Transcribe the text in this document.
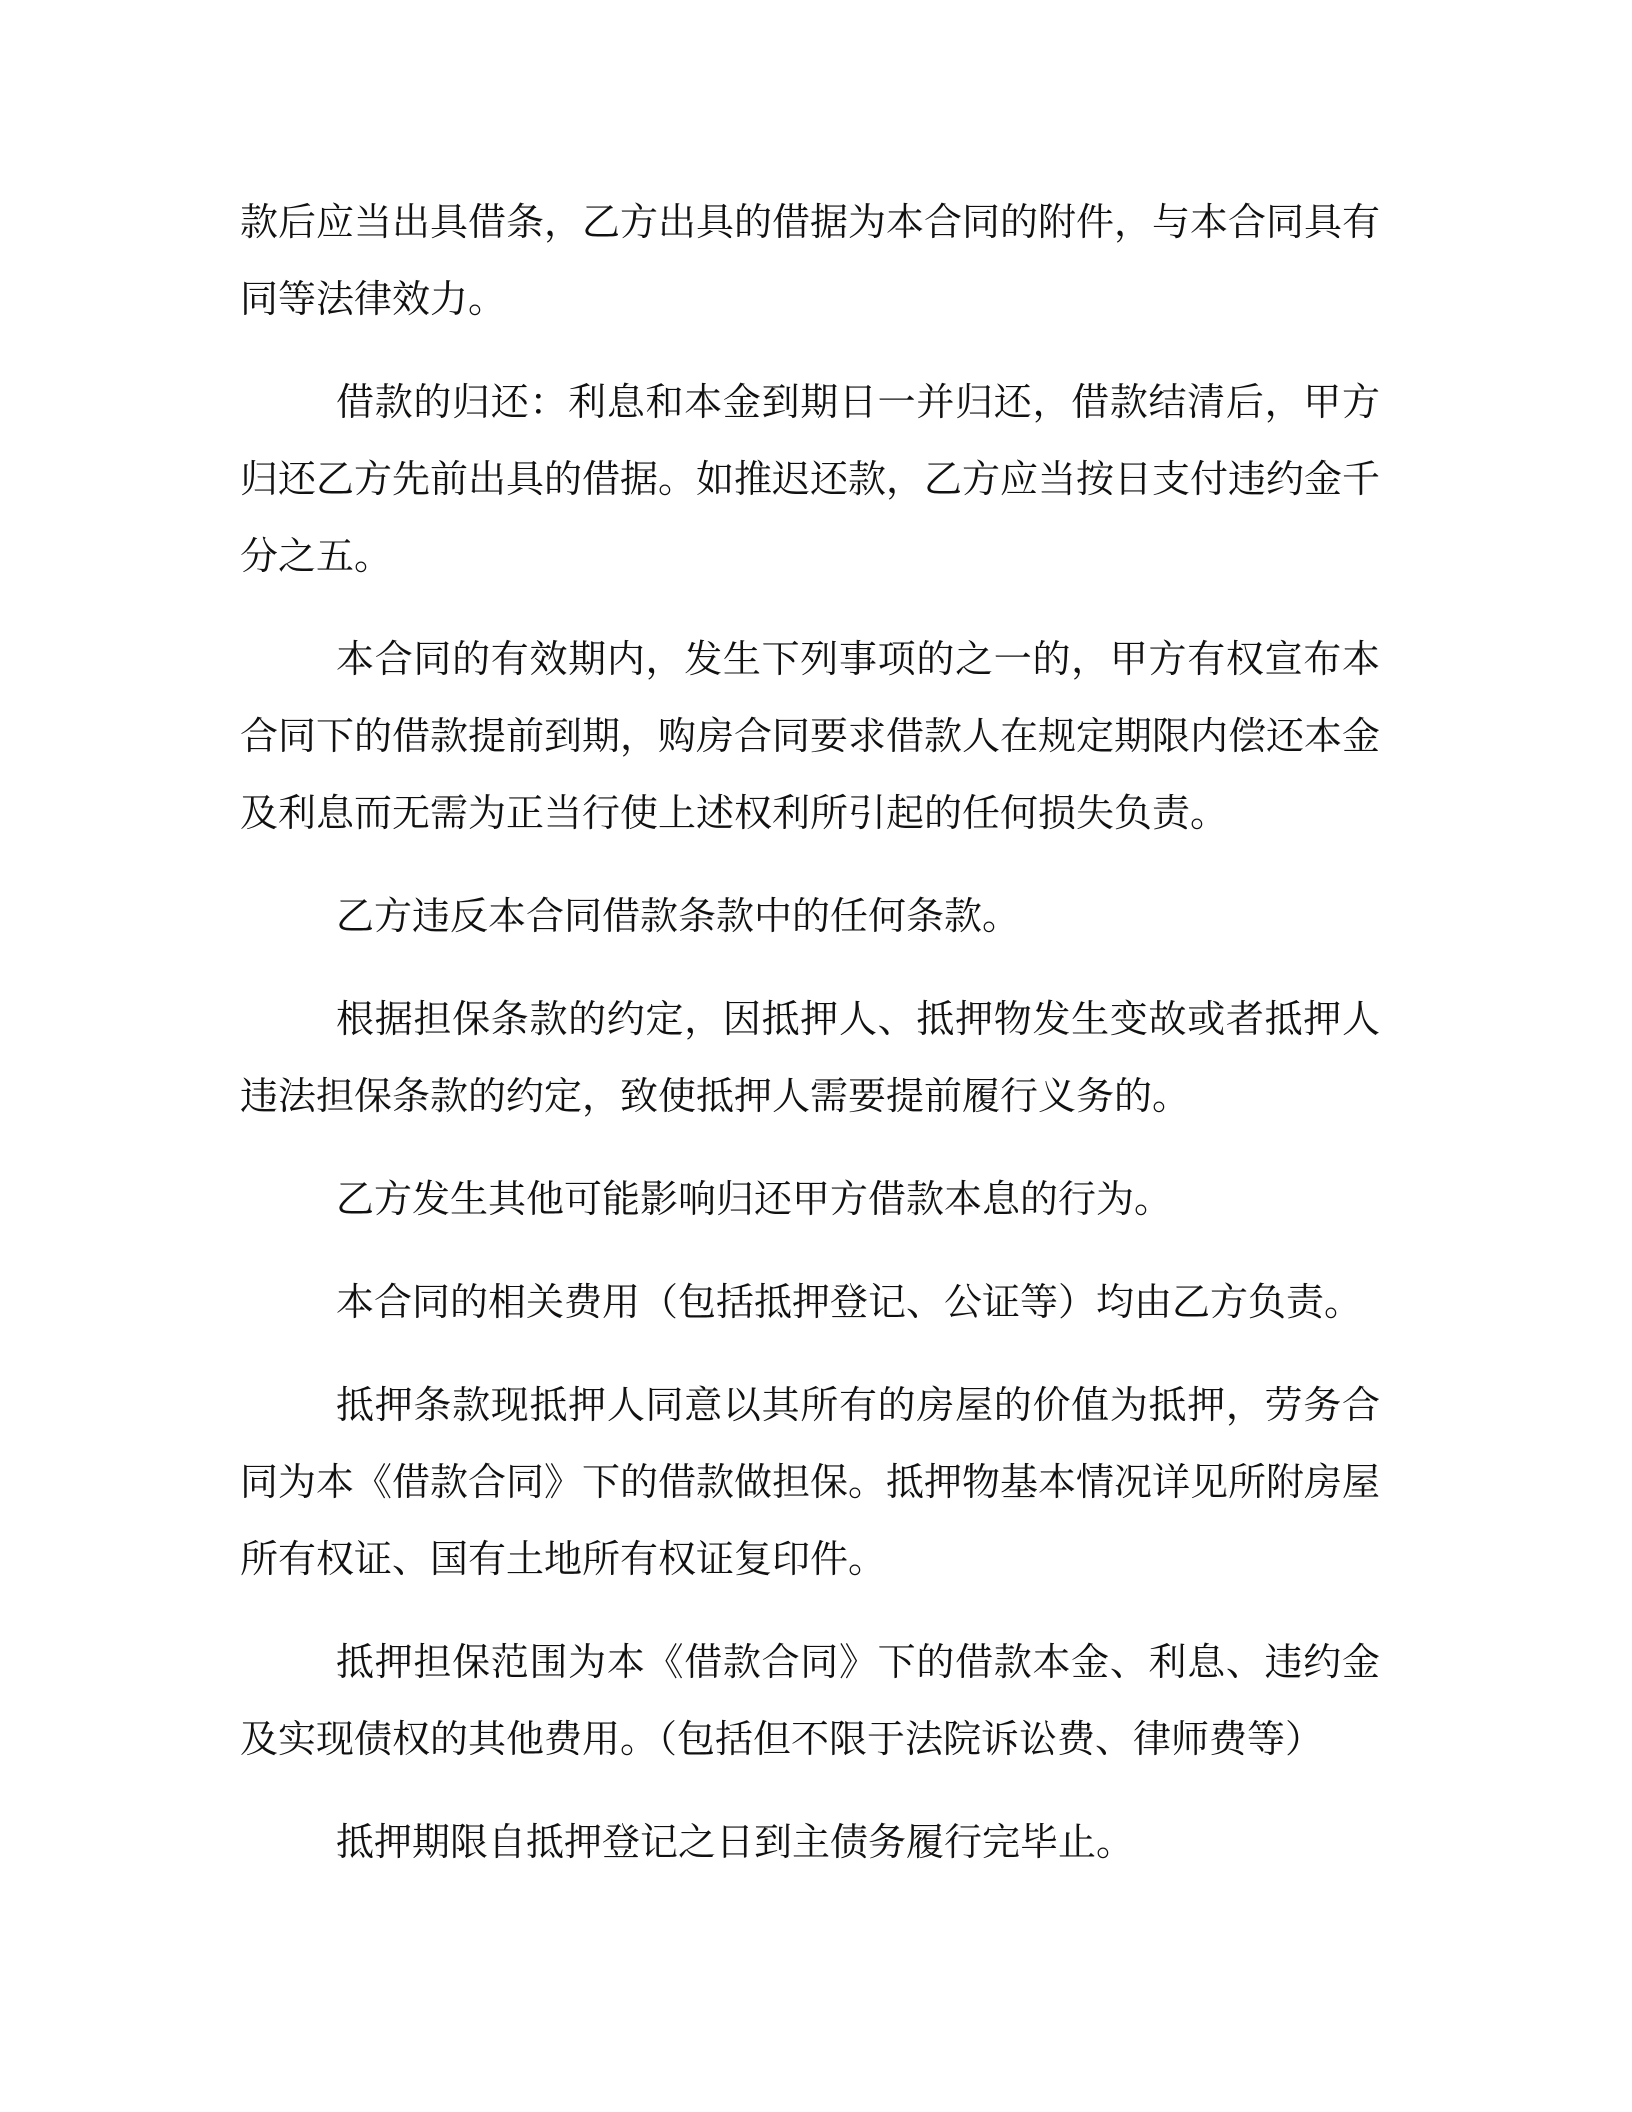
款后应当出具借条，乙方出具的借据为本合同的附件，与本合同具有同等法律效力。

借款的归还：利息和本金到期日一并归还，借款结清后，甲方归还乙方先前出具的借据。如推迟还款，乙方应当按日支付违约金千分之五。

本合同的有效期内，发生下列事项的之一的，甲方有权宣布本合同下的借款提前到期，购房合同要求借款人在规定期限内偿还本金及利息而无需为正当行使上述权利所引起的任何损失负责。

乙方违反本合同借款条款中的任何条款。

根据担保条款的约定，因抵押人、抵押物发生变故或者抵押人违法担保条款的约定，致使抵押人需要提前履行义务的。

乙方发生其他可能影响归还甲方借款本息的行为。

本合同的相关费用（包括抵押登记、公证等）均由乙方负责。

抵押条款现抵押人同意以其所有的房屋的价值为抵押，劳务合同为本《借款合同》下的借款做担保。抵押物基本情况详见所附房屋所有权证、国有土地所有权证复印件。

抵押担保范围为本《借款合同》下的借款本金、利息、违约金及实现债权的其他费用。（包括但不限于法院诉讼费、律师费等）

抵押期限自抵押登记之日到主债务履行完毕止。
